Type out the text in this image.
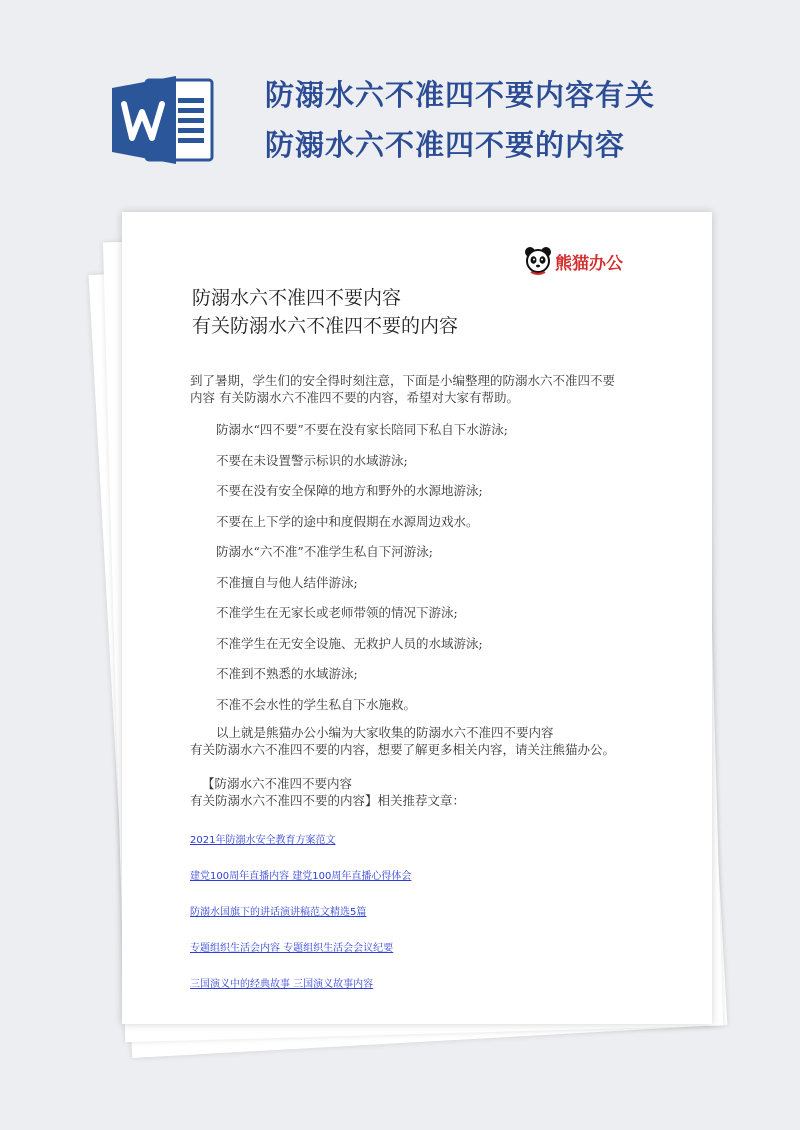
防溺水六不准四不要内容有关
防溺水六不准四不要的内容
熊猫办公
防溺水六不准四不要内容
有关防溺水六不准四不要的内容
到了暑期，学生们的安全得时刻注意，下面是小编整理的防溺水六不准四不要
内容 有关防溺水六不准四不要的内容，希望对大家有帮助。
防溺水“四不要”不要在没有家长陪同下私自下水游泳;
不要在未设置警示标识的水域游泳;
不要在没有安全保障的地方和野外的水源地游泳;
不要在上下学的途中和度假期在水源周边戏水。
防溺水“六不准”不准学生私自下河游泳;
不准擅自与他人结伴游泳;
不准学生在无家长或老师带领的情况下游泳;
不准学生在无安全设施、无救护人员的水域游泳;
不准到不熟悉的水域游泳;
不准不会水性的学生私自下水施救。
以上就是熊猫办公小编为大家收集的防溺水六不准四不要内容
有关防溺水六不准四不要的内容，想要了解更多相关内容，请关注熊猫办公。
【防溺水六不准四不要内容
有关防溺水六不准四不要的内容】相关推荐文章：
2021年防溺水安全教育方案范文
建党100周年直播内容 建党100周年直播心得体会
防溺水国旗下的讲话演讲稿范文精选5篇
专题组织生活会内容 专题组织生活会会议纪要
三国演义中的经典故事 三国演义故事内容
